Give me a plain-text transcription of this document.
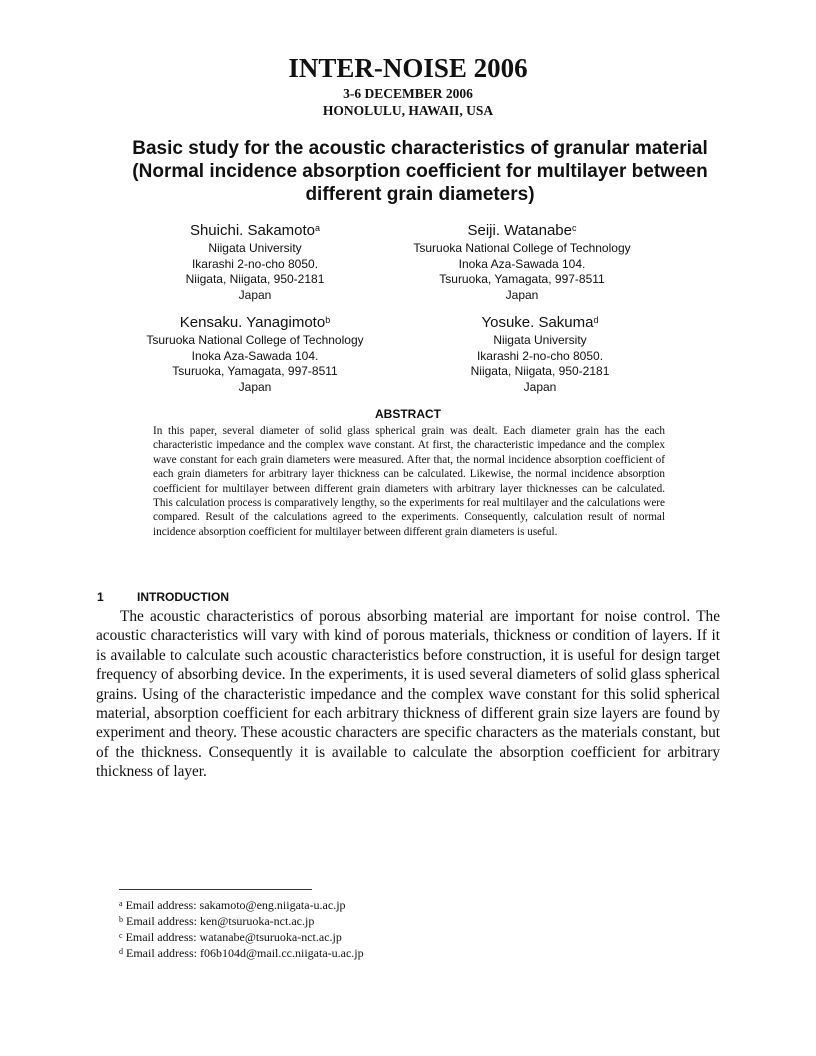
INTER-NOISE 2006
3-6 DECEMBER 2006
HONOLULU, HAWAII, USA
Basic study for the acoustic characteristics of granular material
(Normal incidence absorption coefficient for multilayer between
different grain diameters)
Shuichi. Sakamoto$^a$
Niigata University
Ikarashi 2-no-cho 8050.
Niigata, Niigata, 950-2181
Japan
Seiji. Watanabe$^c$
Tsuruoka National College of Technology
Inoka Aza-Sawada 104.
Tsuruoka, Yamagata, 997-8511
Japan
Kensaku. Yanagimoto$^b$
Tsuruoka National College of Technology
Inoka Aza-Sawada 104.
Tsuruoka, Yamagata, 997-8511
Japan
Yosuke. Sakuma$^d$
Niigata University
Ikarashi 2-no-cho 8050.
Niigata, Niigata, 950-2181
Japan
ABSTRACT
In this paper, several diameter of solid glass spherical grain was dealt. Each diameter grain has the each characteristic impedance and the complex wave constant. At first, the characteristic impedance and the complex wave constant for each grain diameters were measured. After that, the normal incidence absorption coefficient of each grain diameters for arbitrary layer thickness can be calculated. Likewise, the normal incidence absorption coefficient for multilayer between different grain diameters with arbitrary layer thicknesses can be calculated. This calculation process is comparatively lengthy, so the experiments for real multilayer and the calculations were compared. Result of the calculations agreed to the experiments. Consequently, calculation result of normal incidence absorption coefficient for multilayer between different grain diameters is useful.
1	INTRODUCTION
The acoustic characteristics of porous absorbing material are important for noise control. The acoustic characteristics will vary with kind of porous materials, thickness or condition of layers. If it is available to calculate such acoustic characteristics before construction, it is useful for design target frequency of absorbing device. In the experiments, it is used several diameters of solid glass spherical grains. Using of the characteristic impedance and the complex wave constant for this solid spherical material, absorption coefficient for each arbitrary thickness of different grain size layers are found by experiment and theory. These acoustic characters are specific characters as the materials constant, but of the thickness. Consequently it is available to calculate the absorption coefficient for arbitrary thickness of layer.
$^a$ Email address: sakamoto@eng.niigata-u.ac.jp
$^b$ Email address: ken@tsuruoka-nct.ac.jp
$^c$ Email address: watanabe@tsuruoka-nct.ac.jp
$^d$ Email address: f06b104d@mail.cc.niigata-u.ac.jp
